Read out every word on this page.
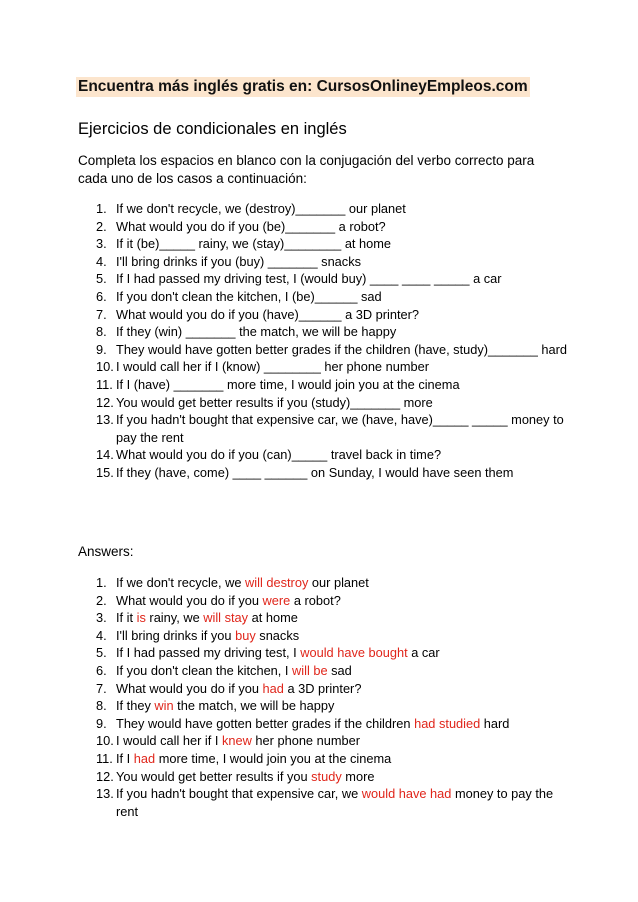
Encuentra más inglés gratis en: CursosOnlineyEmpleos.com
Ejercicios de condicionales en inglés
Completa los espacios en blanco con la conjugación del verbo correcto para cada uno de los casos a continuación:
1. If we don't recycle, we (destroy)_______ our planet
2. What would you do if you (be)_______ a robot?
3. If it (be)_____ rainy, we (stay)________ at home
4. I'll bring drinks if you (buy) _______ snacks
5. If I had passed my driving test, I (would buy) ____ ____ _____ a car
6. If you don't clean the kitchen, I (be)______ sad
7. What would you do if you (have)______ a 3D printer?
8. If they (win) _______ the match, we will be happy
9. They would have gotten better grades if the children (have, study)_______ hard
10. I would call her if I (know) ________ her phone number
11. If I (have) _______ more time, I would join you at the cinema
12. You would get better results if you (study)_______ more
13. If you hadn't bought that expensive car, we (have, have)_____ _____ money to pay the rent
14. What would you do if you (can)_____ travel back in time?
15. If they (have, come) ____ ______ on Sunday, I would have seen them
Answers:
1. If we don't recycle, we will destroy our planet
2. What would you do if you were a robot?
3. If it is rainy, we will stay at home
4. I'll bring drinks if you buy snacks
5. If I had passed my driving test, I would have bought a car
6. If you don't clean the kitchen, I will be sad
7. What would you do if you had a 3D printer?
8. If they win the match, we will be happy
9. They would have gotten better grades if the children had studied hard
10. I would call her if I knew her phone number
11. If I had more time, I would join you at the cinema
12. You would get better results if you study more
13. If you hadn't bought that expensive car, we would have had money to pay the rent
